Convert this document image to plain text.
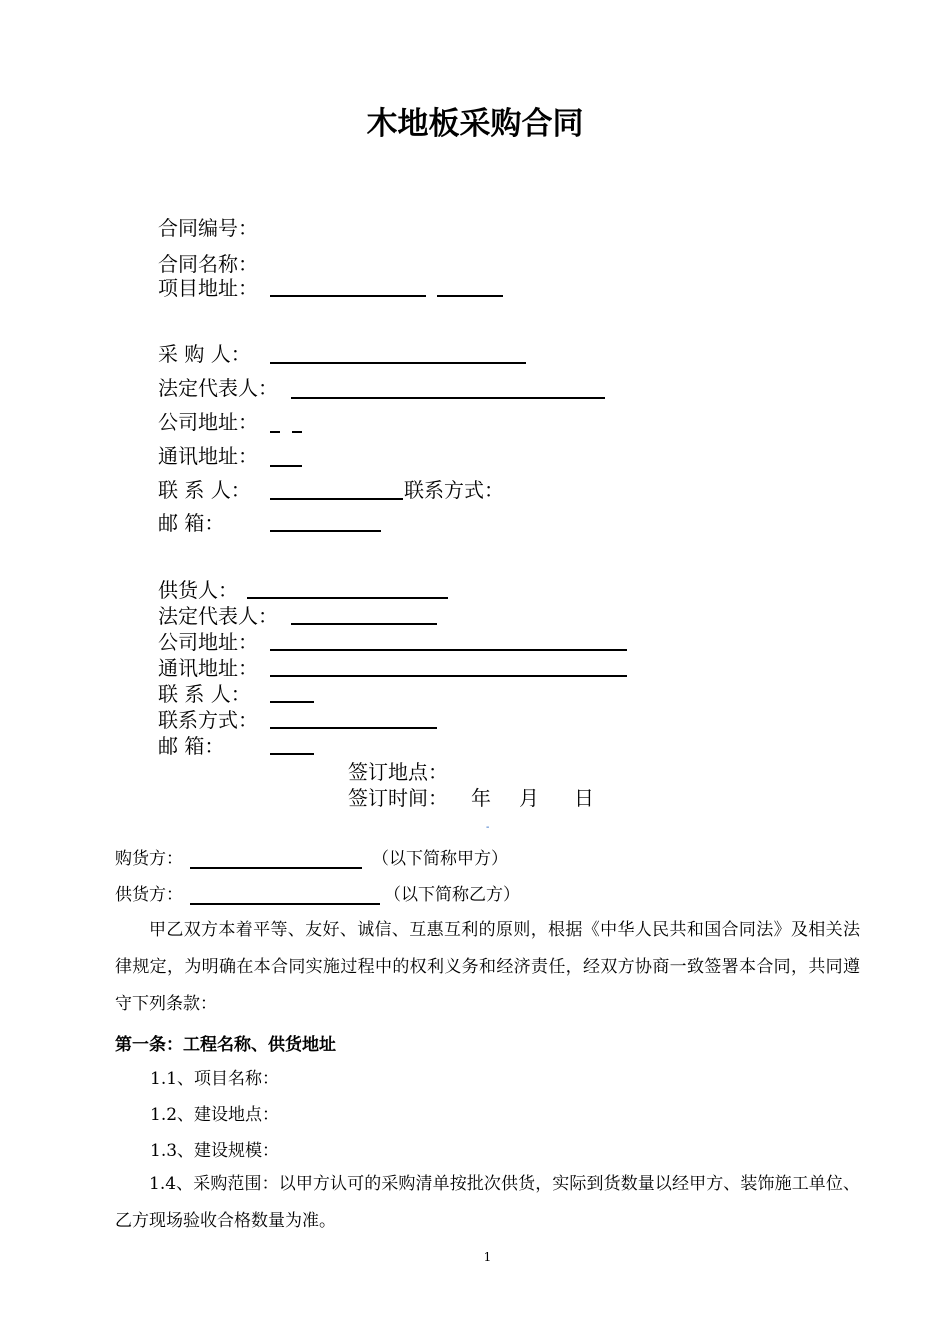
木地板采购合同
合同编号：
合同名称：
项目地址：
采 购 人：
法定代表人：
公司地址：
通讯地址：
联 系 人：	联系方式：
邮 箱：
供货人：
法定代表人：
公司地址：
通讯地址：
联 系 人：
联系方式：
邮 箱：
签订地点：
签订时间： 年 月 日
-
购货方：	（以下简称甲方）
供货方：	（以下简称乙方）
甲乙双方本着平等、友好、诚信、互惠互利的原则，根据《中华人民共和国合同法》及相关法律规定，为明确在本合同实施过程中的权利义务和经济责任，经双方协商一致签署本合同，共同遵守下列条款：
第一条：工程名称、供货地址
1.1、项目名称：
1.2、建设地点：
1.3、建设规模：
1.4、采购范围：以甲方认可的采购清单按批次供货，实际到货数量以经甲方、装饰施工单位、乙方现场验收合格数量为准。
1
